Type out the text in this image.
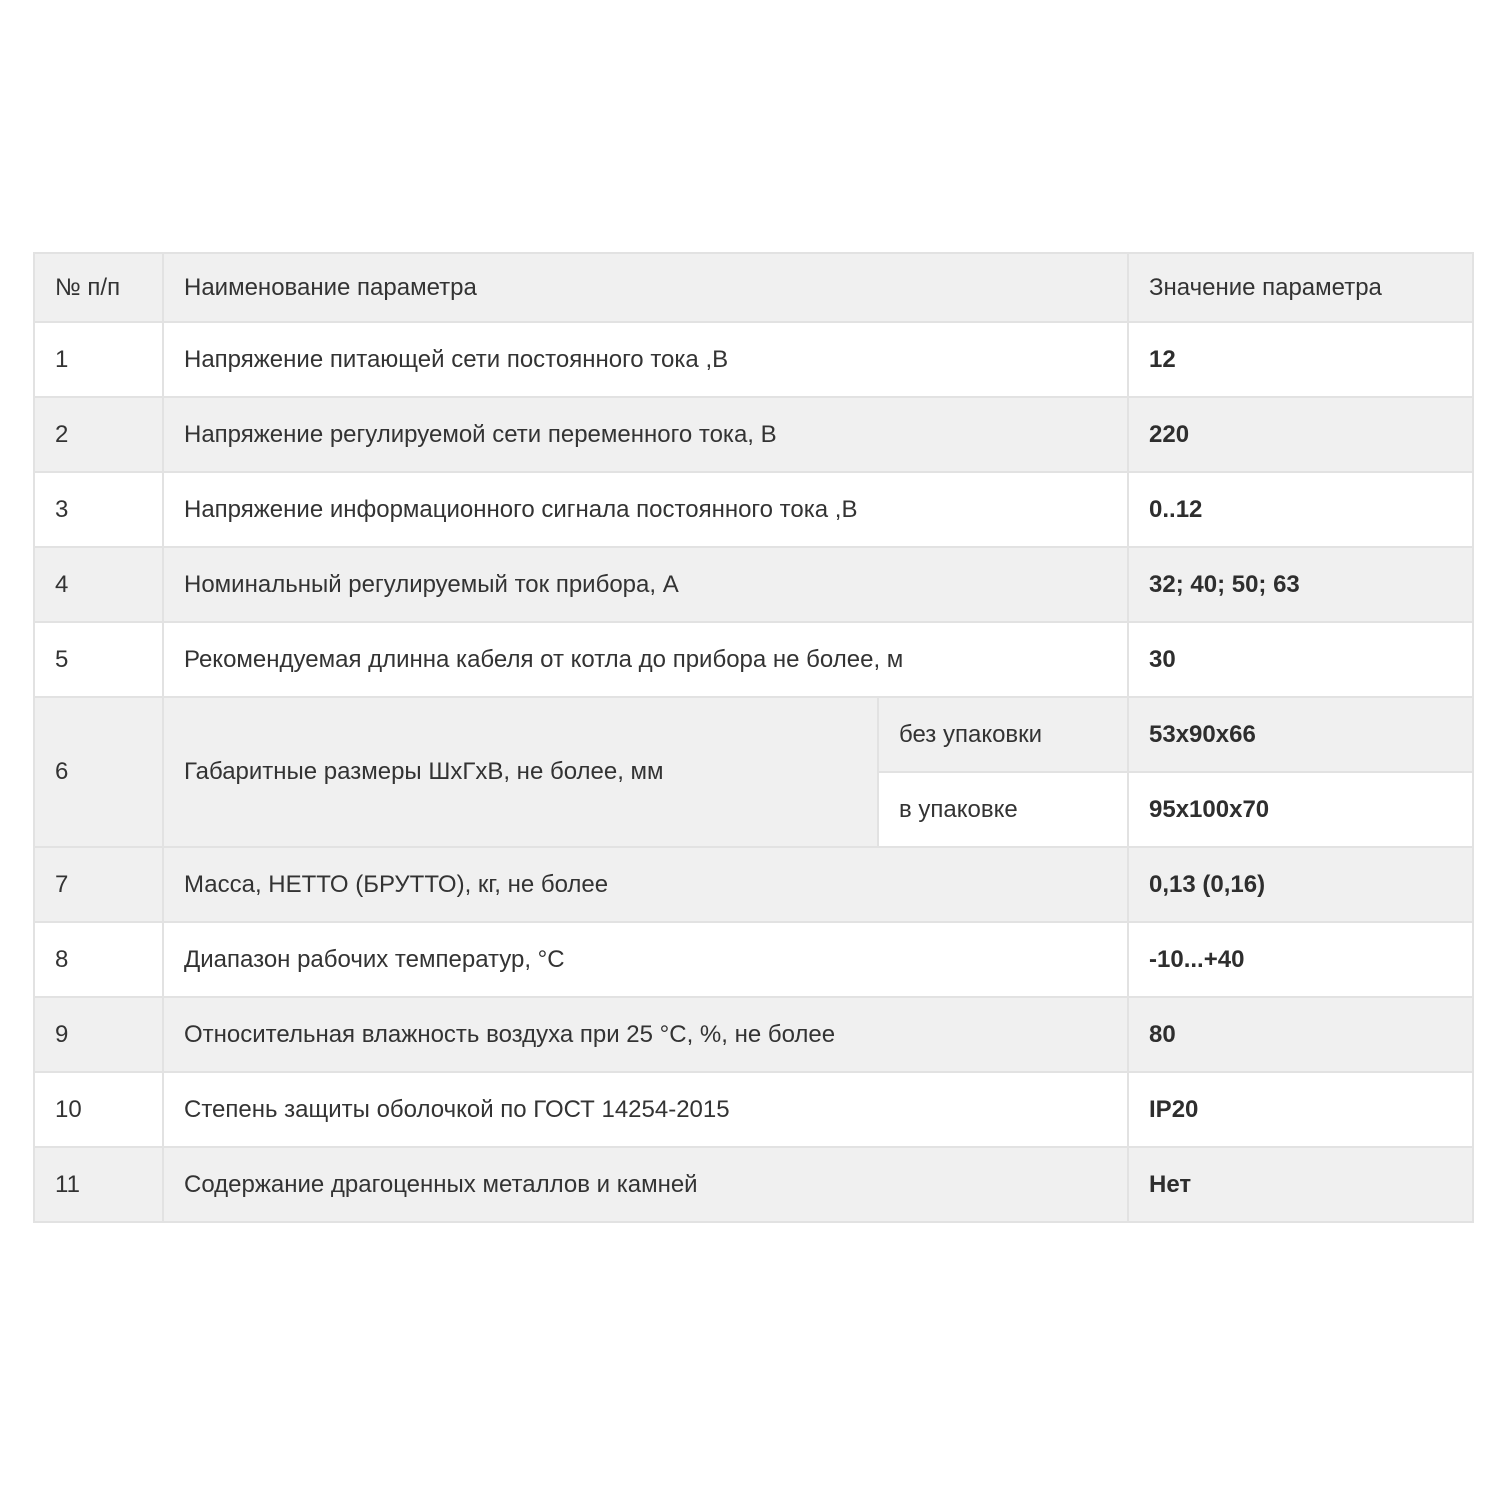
№ п/п	Наименование параметра		Значение параметра
1	Напряжение питающей сети постоянного тока ,В		12
2	Напряжение регулируемой сети переменного тока, В		220
3	Напряжение информационного сигнала постоянного тока ,В		0..12
4	Номинальный регулируемый ток прибора, А		32; 40; 50; 63
5	Рекомендуемая длинна кабеля от котла до прибора не более, м		30
6	Габаритные размеры ШхГхВ, не более, мм	без упаковки	53x90x66
		в упаковке	95x100x70
7	Масса, НЕТТО (БРУТТО), кг, не более		0,13 (0,16)
8	Диапазон рабочих температур, °С		-10...+40
9	Относительная влажность воздуха при 25 °С, %, не более		80
10	Степень защиты оболочкой по ГОСТ 14254-2015		IP20
11	Содержание драгоценных металлов и камней		Нет
